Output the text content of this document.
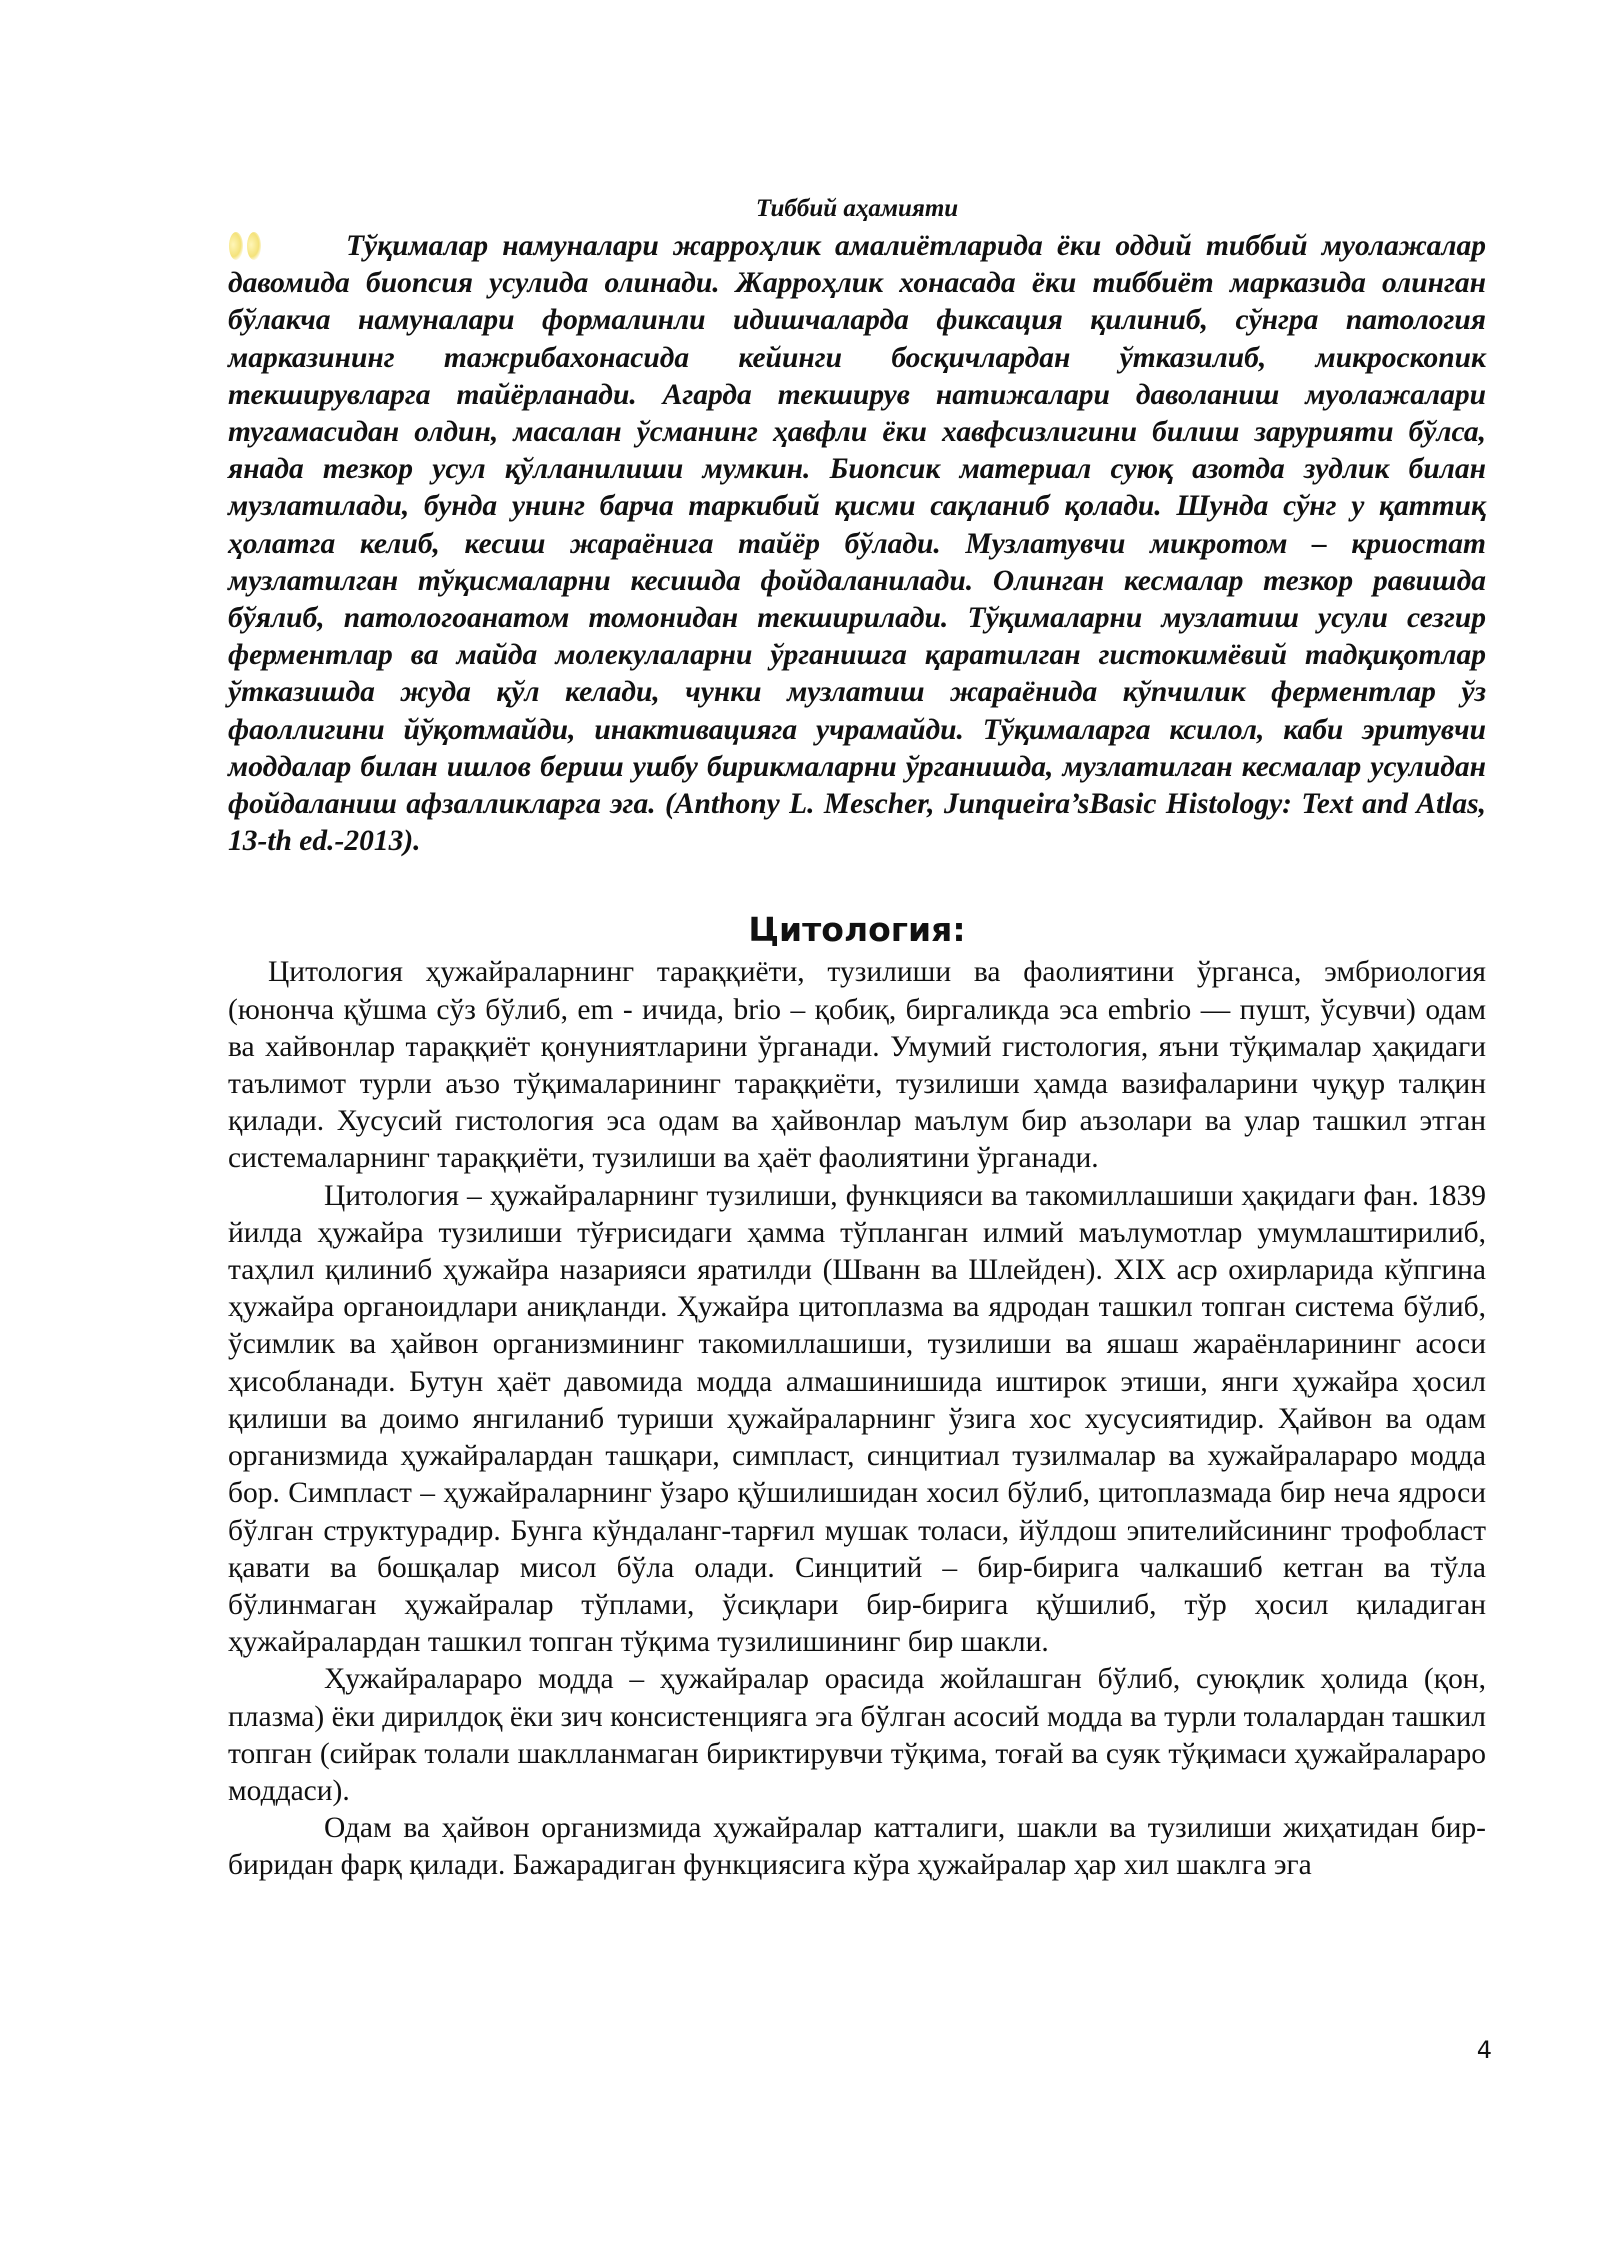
Тиббий аҳамияти

Тўқималар намуналари жарроҳлик амалиётларида ёки оддий тиббий муолажалар давомида биопсия усулида олинади. Жарроҳлик хонасада ёки тиббиёт марказида олинган бўлакча намуналари формалинли идишчаларда фиксация қилиниб, сўнгра патология марказининг тажрибахонасида кейинги босқичлардан ўтказилиб, микроскопик текширувларга тайёрланади. Агарда текширув натижалари даволаниш муолажалари тугамасидан олдин, масалан ўсманинг ҳавфли ёки хавфсизлигини билиш зарурияти бўлса, янада тезкор усул қўлланилиши мумкин. Биопсик материал суюқ азотда зудлик билан музлатилади, бунда унинг барча таркибий қисми сақланиб қолади. Шунда сўнг у қаттиқ ҳолатга келиб, кесиш жараёнига тайёр бўлади. Музлатувчи микротом – криостат музлатилган тўқисмаларни кесишда фойдаланилади. Олинган кесмалар тезкор равишда бўялиб, патологоанатом томонидан текширилади. Тўқималарни музлатиш усули сезгир ферментлар ва майда молекулаларни ўрганишга қаратилган гистокимёвий тадқиқотлар ўтказишда жуда қўл келади, чунки музлатиш жараёнида кўпчилик ферментлар ўз фаоллигини йўқотмайди, инактивацияга учрамайди. Тўқималарга ксилол, каби эритувчи моддалар билан ишлов бериш ушбу бирикмаларни ўрганишда, музлатилган кесмалар усулидан фойдаланиш афзалликларга эга. (Anthony L. Mescher, Junqueira’sBasic Histology: Text and Atlas, 13-th ed.-2013).

Цитология:

Цитология ҳужайраларнинг тараққиёти, тузилиши ва фаолиятини ўрганса, эмбриология (юнонча қўшма сўз бўлиб, em - ичида, brio – қобиқ, биргаликда эса embrio — пушт, ўсувчи) одам ва хайвонлар тараққиёт қонуниятларини ўрганади. Умумий гистология, яъни тўқималар ҳақидаги таълимот турли аъзо тўқималарининг тараққиёти, тузилиши ҳамда вазифаларини чуқур талқин қилади. Хусусий гистология эса одам ва ҳайвонлар маълум бир аъзолари ва улар ташкил этган системаларнинг тараққиёти, тузилиши ва ҳаёт фаолиятини ўрганади.

Цитология – ҳужайраларнинг тузилиши, функцияси ва такомиллашиши ҳақидаги фан. 1839 йилда ҳужайра тузилиши тўғрисидаги ҳамма тўпланган илмий маълумотлар умумлаштирилиб, таҳлил қилиниб ҳужайра назарияси яратилди (Шванн ва Шлейден). XIX аср охирларида кўпгина ҳужайра органоидлари аниқланди. Ҳужайра цитоплазма ва ядродан ташкил топган система бўлиб, ўсимлик ва ҳайвон организмининг такомиллашиши, тузилиши ва яшаш жараёнларининг асоси ҳисобланади. Бутун ҳаёт давомида модда алмашинишида иштирок этиши, янги ҳужайра ҳосил қилиши ва доимо янгиланиб туриши ҳужайраларнинг ўзига хос хусусиятидир. Ҳайвон ва одам организмида ҳужайралардан ташқари, симпласт, синцитиал тузилмалар ва хужайралараро модда бор. Симпласт – ҳужайраларнинг ўзаро қўшилишидан хосил бўлиб, цитоплазмада бир неча ядроси бўлган структурадир. Бунга кўндаланг-тарғил мушак толаси, йўлдош эпителийсининг трофобласт қавати ва бошқалар мисол бўла олади. Синцитий – бир-бирига чалкашиб кетган ва тўла бўлинмаган ҳужайралар тўплами, ўсиқлари бир-бирига қўшилиб, тўр ҳосил қиладиган ҳужайралардан ташкил топган тўқима тузилишининг бир шакли.

Ҳужайралараро модда – ҳужайралар орасида жойлашган бўлиб, суюқлик ҳолида (қон, плазма) ёки дирилдоқ ёки зич консистенцияга эга бўлган асосий модда ва турли толалардан ташкил топган (сийрак толали шаклланмаган бириктирувчи тўқима, тоғай ва суяк тўқимаси ҳужайралараро моддаси).

Одам ва ҳайвон организмида ҳужайралар катталиги, шакли ва тузилиши жиҳатидан бир-биридан фарқ қилади. Бажарадиган функциясига кўра ҳужайралар ҳар хил шаклга эга

4
